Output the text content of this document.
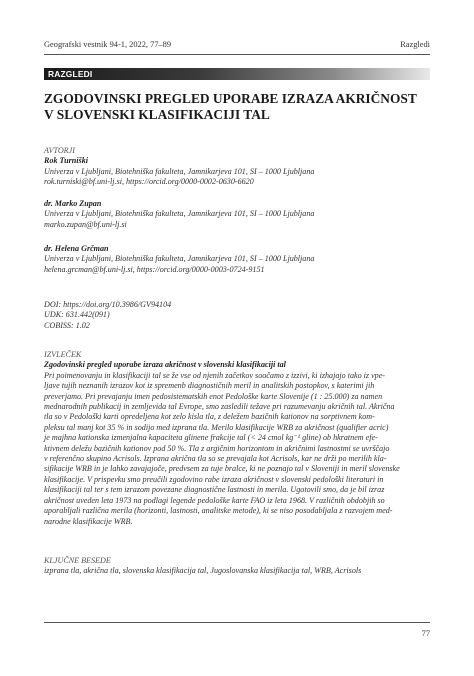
Geografski vestnik 94-1, 2022, 77–89	Razgledi
RAZGLEDI
ZGODOVINSKI PREGLED UPORABE IZRAZA AKRIČNOST
V SLOVENSKI KLASIFIKACIJI TAL
AVTORJI
Rok Turniški
Univerza v Ljubljani, Biotehniška fakulteta, Jamnikarjeva 101, SI – 1000 Ljubljana
rok.turniski@bf.uni-lj.si, https://orcid.org/0000-0002-0630-6620
dr. Marko Zupan
Univerza v Ljubljani, Biotehniška fakulteta, Jamnikarjeva 101, SI – 1000 Ljubljana
marko.zupan@bf.uni-lj.si
dr. Helena Grčman
Univerza v Ljubljani, Biotehniška fakulteta, Jamnikarjeva 101, SI – 1000 Ljubljana
helena.grcman@bf.uni-lj.si, https://orcid.org/0000-0003-0724-9151
DOI: https://doi.org/10.3986/GV94104
UDK: 631.442(091)
COBISS: 1.02
IZVLEČEK
Zgodovinski pregled uporabe izraza akričnost v slovenski klasifikaciji tal
Pri poimenovanju in klasifikaciji tal se že vse od njenih začetkov soočamo z izzivi, ki izhajajo tako iz vpe-
ljave tujih neznanih izrazov kot iz spremenb diagnostičnih meril in analitskih postopkov, s katerimi jih
preverjamo. Pri prevajanju imen pedosistematskih enot Pedološke karte Slovenije (1 : 25.000) za namen
mednarodnih publikacij in zemljevida tal Evrope, smo zasledili težave pri razumevanju akričnih tal. Akrična
tla so v Pedološki karti opredeljena kot zelo kisla tla, z deležem bazičnih kationov na sorptivnem kom-
pleksu tal manj kot 35 % in sodijo med izprana tla. Merilo klasifikacije WRB za akričnost (qualifier acric)
je majhna kationska izmenjalna kapaciteta glinene frakcije tal (< 24 cmol kg⁻¹ gline) ob hkratnem efe-
ktivnem deležu bazičnih kationov pod 50 %. Tla z argičnim horizontom in akričnimi lastnostmi se uvrščajo
v referenčno skupino Acrisols. Izprana akrična tla so se prevajala kot Acrisols, kar ne drži po merilih kla-
sifikacije WRB in je lahko zavajajoče, predvsem za tuje bralce, ki ne poznajo tal v Sloveniji in meril slovenske
klasifikacije. V prispevku smo preučili zgodovino rabe izraza akričnost v slovenski pedološki literaturi in
klasifikaciji tal ter s tem izrazom povezane diagnostične lastnosti in merila. Ugotovili smo, da je bil izraz
akričnost uveden leta 1973 na podlagi legende pedološke karte FAO iz leta 1968. V različnih obdobjih so
uporabljali različna merila (horizonti, lastnosti, analitske metode), ki se niso posodabljala z razvojem med-
narodne klasifikacije WRB.
KLJUČNE BESEDE
izprana tla, akrična tla, slovenska klasifikacija tal, Jugoslovanska klasifikacija tal, WRB, Acrisols
77
